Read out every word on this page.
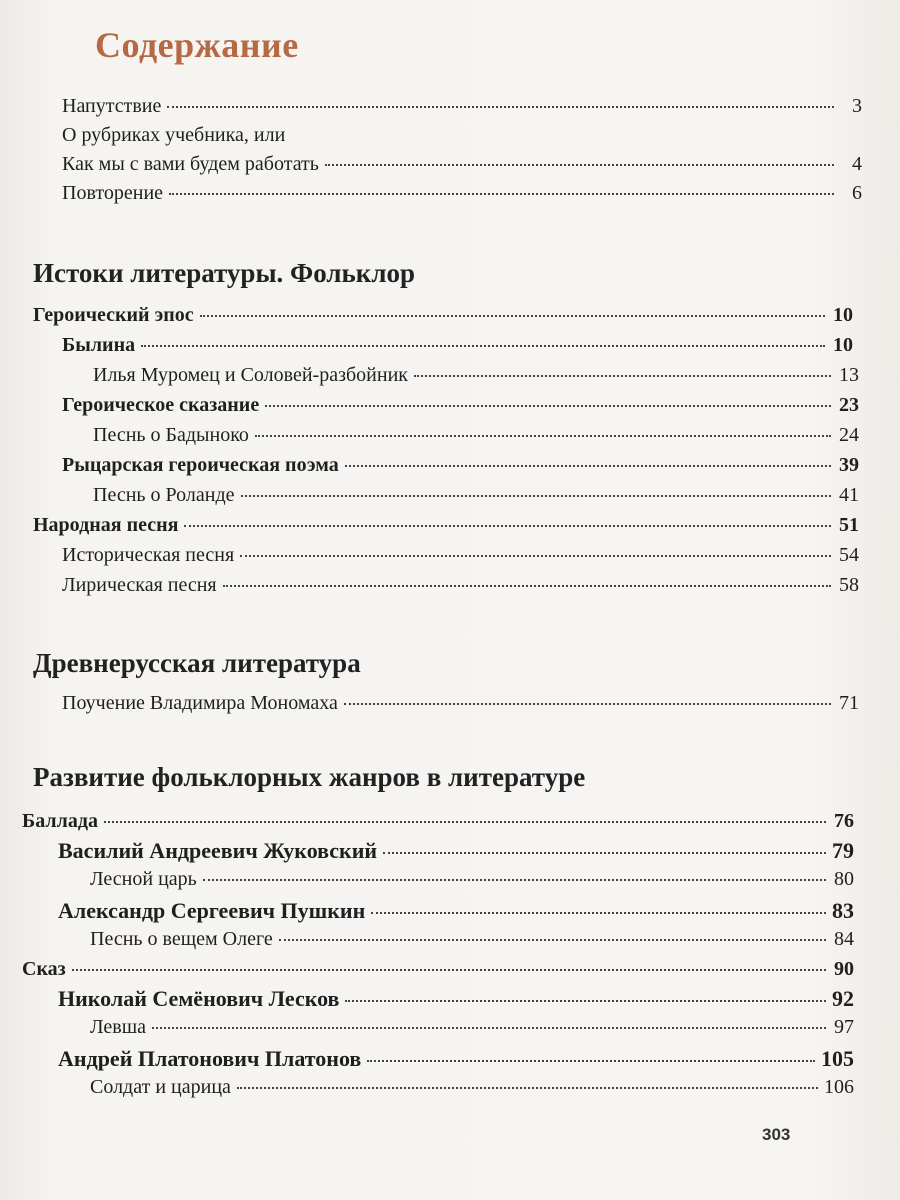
Содержание
Напутствие	3
О рубриках учебника, или
Как мы с вами будем работать	4
Повторение	6
Истоки литературы. Фольклор
Героический эпос	10
Былина	10
Илья Муромец и Соловей-разбойник	13
Героическое сказание	23
Песнь о Бадыноко	24
Рыцарская героическая поэма	39
Песнь о Роланде	41
Народная песня	51
Историческая песня	54
Лирическая песня	58
Древнерусская литература
Поучение Владимира Мономаха	71
Развитие фольклорных жанров в литературе
Баллада	76
Василий Андреевич Жуковский	79
Лесной царь	80
Александр Сергеевич Пушкин	83
Песнь о вещем Олеге	84
Сказ	90
Николай Семёнович Лесков	92
Левша	97
Андрей Платонович Платонов	105
Солдат и царица	106
303
